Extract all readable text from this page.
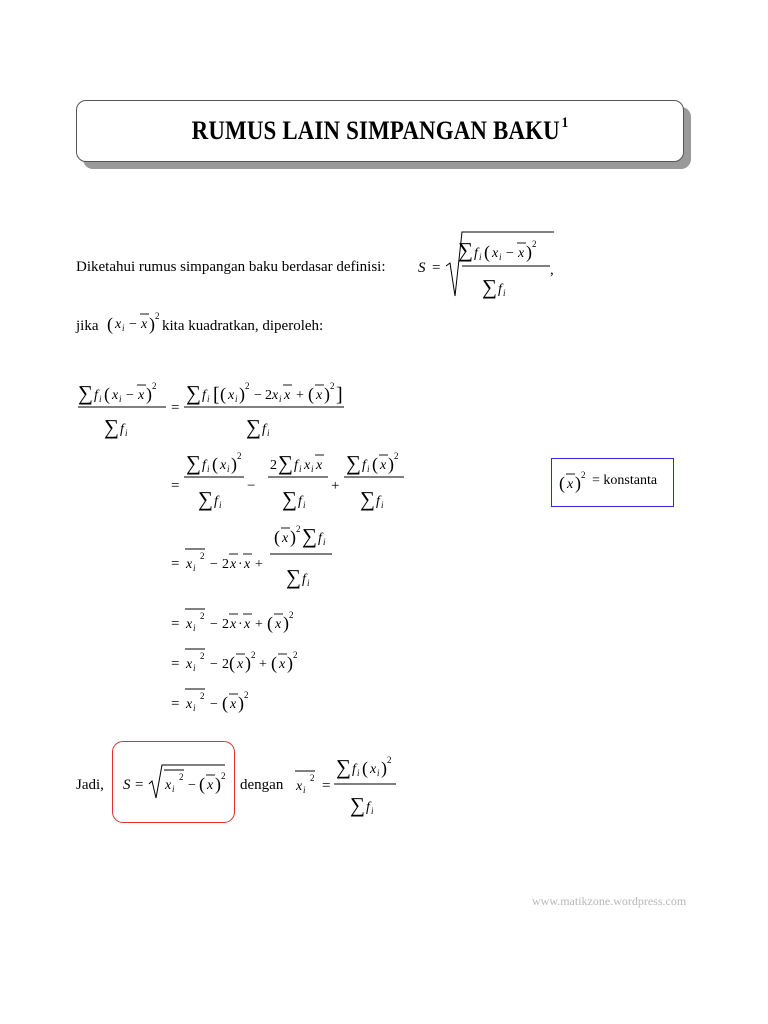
RUMUS LAIN SIMPANGAN BAKU $^1$
Diketahui rumus simpangan baku berdasar definisi: S =
∑ f i ( x i − x ) 2
∑ f i
,
jika ( x i − x ) 2
kita kuadratkan, diperoleh:
∑ f i ( x i − x ) 2
∑ f i
=
∑ f i [ ( x i ) 2
− 2 x i x + ( x ) 2 ]
∑ f i
=
∑ f i ( x i ) 2
∑ f i
−
2 ∑ f i x i x
∑ f i
+
∑ f i ( x ) 2
∑ f i
= x i
2
− 2 x · x +
( x ) 2 ∑ f i
∑ f i
= x i
2
− 2 x · x + ( x ) 2
= x i
2
− 2 ( x ) 2
+ ( x ) 2
= x i
2
− ( x ) 2
( x ) 2 = konstanta
Jadi, S = x i
2
− ( x ) 2
dengan x i
2 =
∑ f i ( x i ) 2
∑ f i
www.matikzone.wordpress.com
